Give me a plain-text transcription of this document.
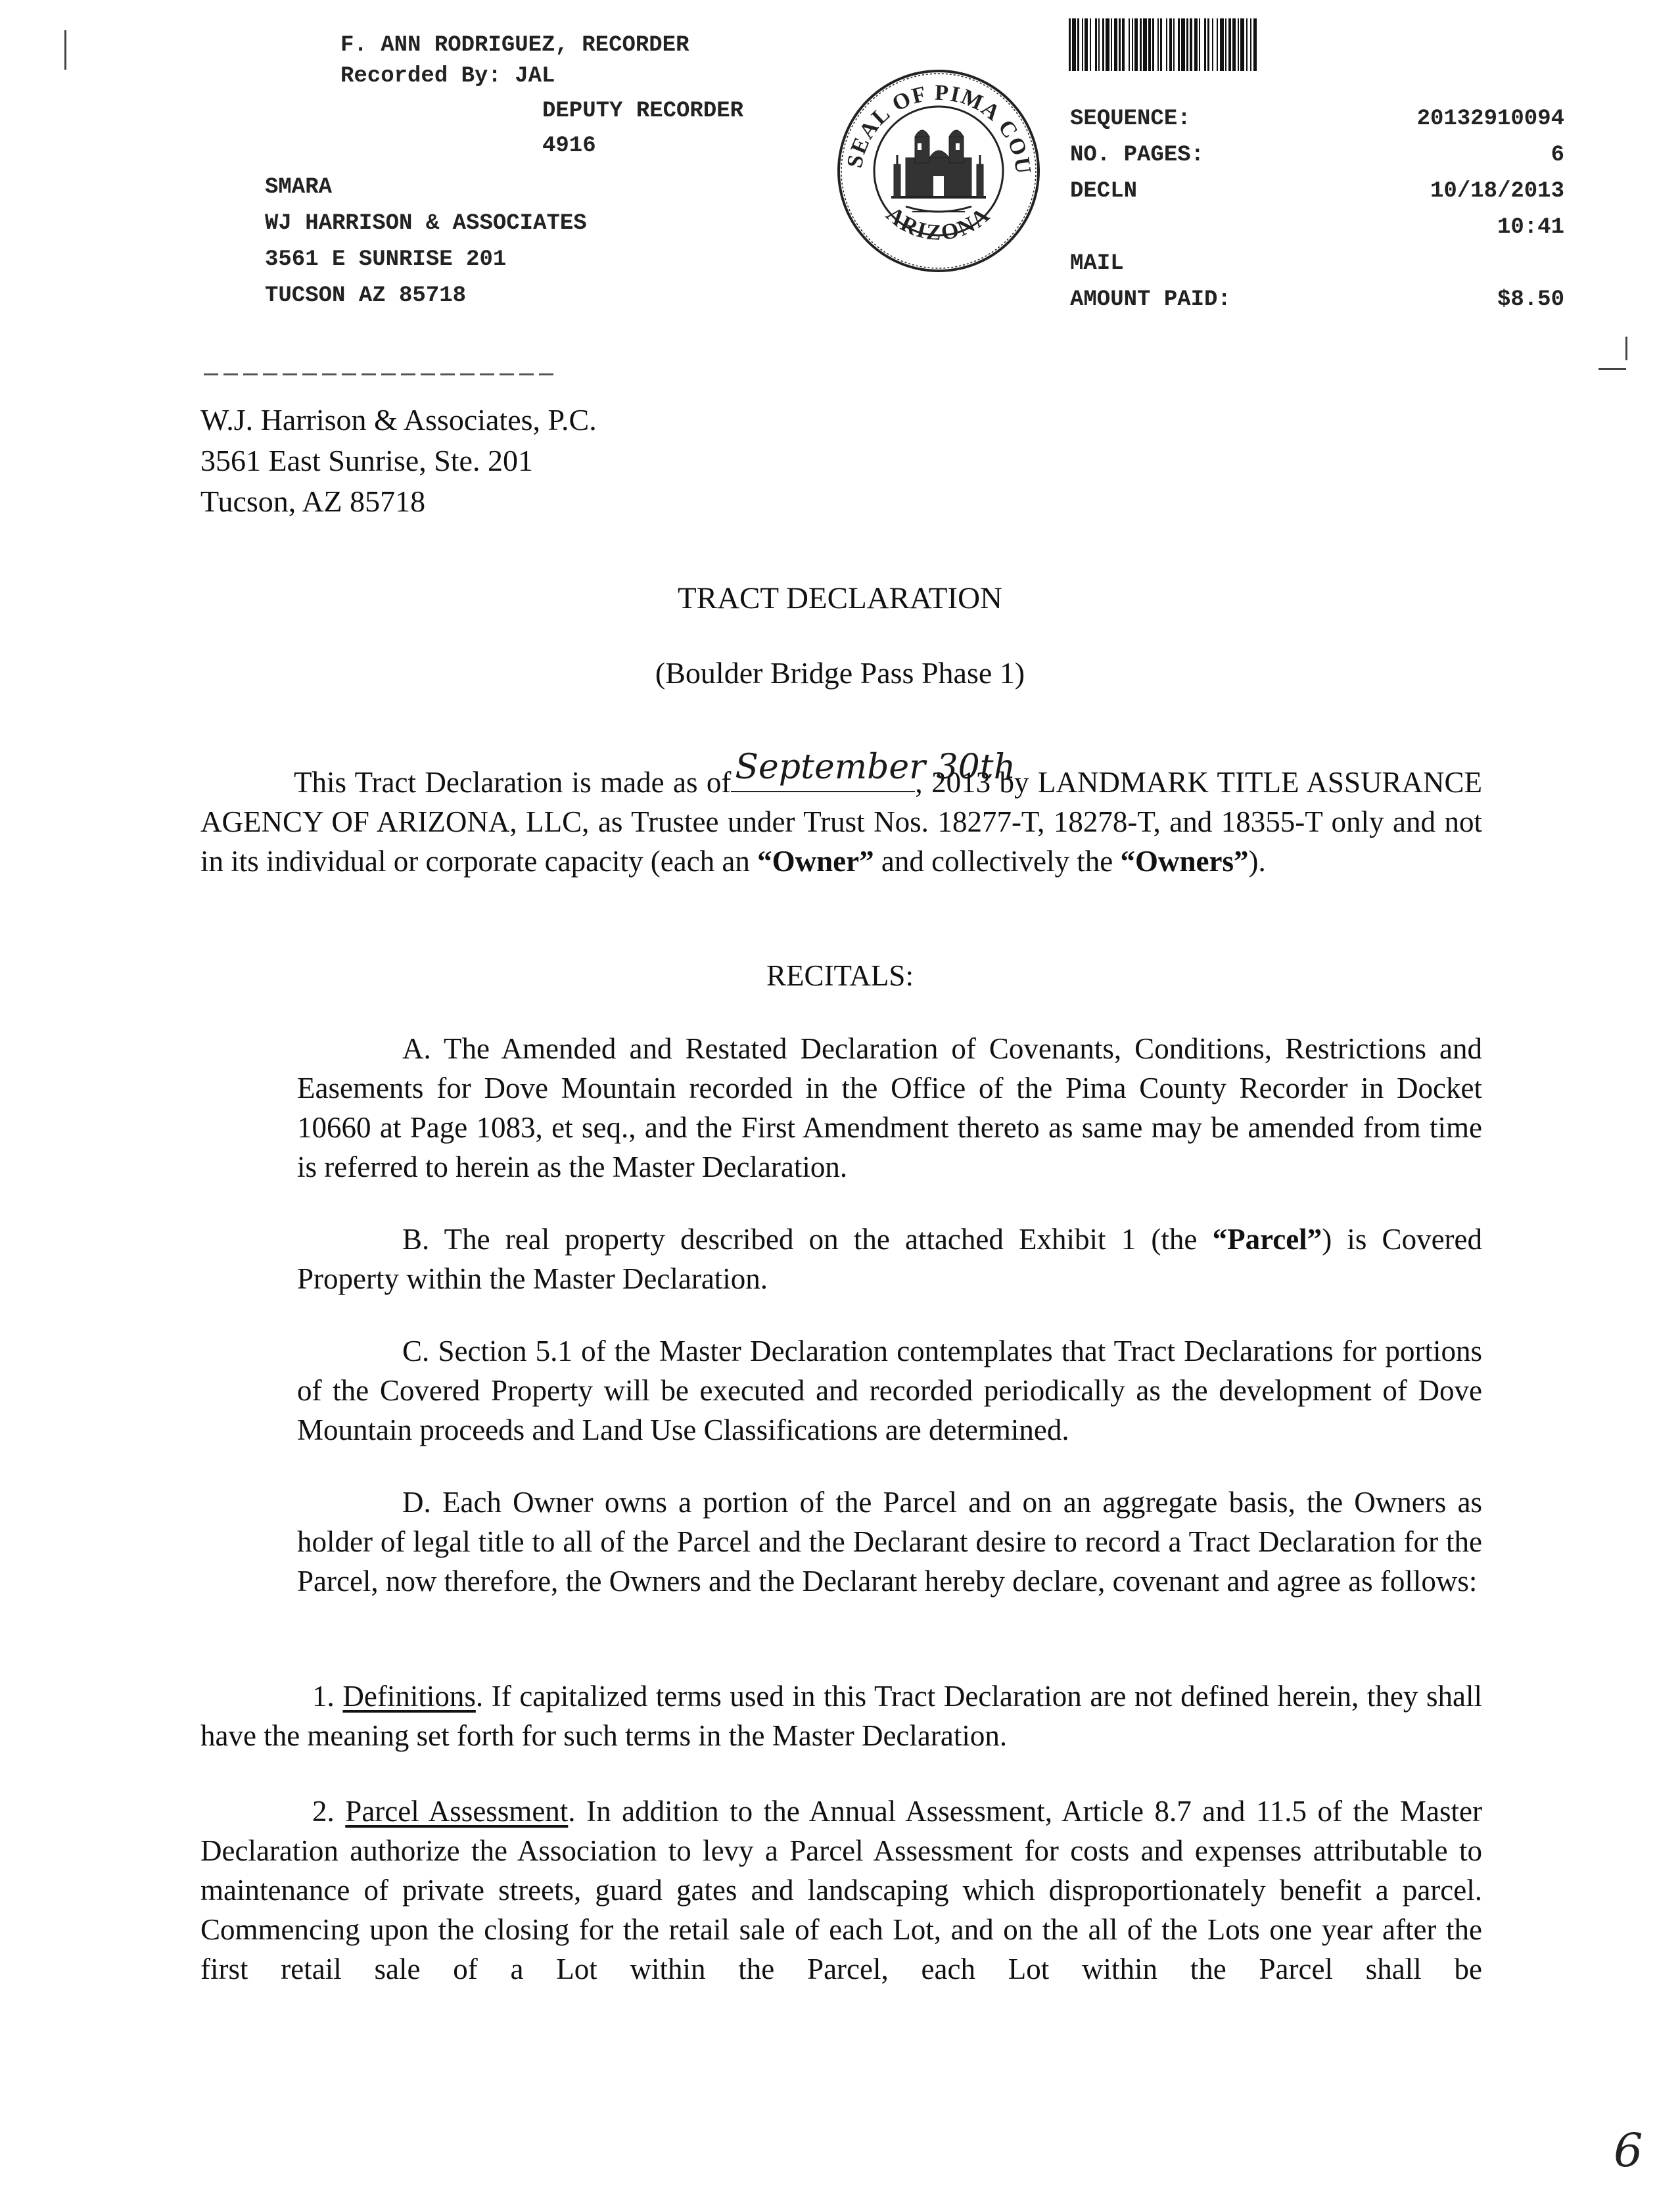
F. ANN RODRIGUEZ, RECORDER
Recorded By: JAL
DEPUTY RECORDER
4916
SMARA
WJ HARRISON & ASSOCIATES
3561 E SUNRISE 201
TUCSON AZ 85718
SEAL OF PIMA COU
ARIZONA
SEQUENCE:
NO. PAGES:
DECLN
MAIL
AMOUNT PAID:
20132910094
6
10/18/2013
10:41
$8.50
W.J. Harrison & Associates, P.C.
3561 East Sunrise, Ste. 201
Tucson, AZ 85718
TRACT DECLARATION
(Boulder Bridge Pass Phase 1)
This Tract Declaration is made as of September 30th
, 2013 by LANDMARK TITLE ASSURANCE AGENCY OF ARIZONA, LLC, as Trustee under Trust Nos. 18277-T, 18278-T, and 18355-T only and not in its individual or corporate capacity (each an “Owner” and collectively the “Owners”).
RECITALS:
A. The Amended and Restated Declaration of Covenants, Conditions, Restrictions and Easements for Dove Mountain recorded in the Office of the Pima County Recorder in Docket 10660 at Page 1083, et seq., and the First Amendment thereto as same may be amended from time is referred to herein as the Master Declaration.
B. The real property described on the attached Exhibit 1 (the “Parcel”) is Covered Property within the Master Declaration.
C. Section 5.1 of the Master Declaration contemplates that Tract Declarations for portions of the Covered Property will be executed and recorded periodically as the development of Dove Mountain proceeds and Land Use Classifications are determined.
D. Each Owner owns a portion of the Parcel and on an aggregate basis, the Owners as holder of legal title to all of the Parcel and the Declarant desire to record a Tract Declaration for the Parcel, now therefore, the Owners and the Declarant hereby declare, covenant and agree as follows:
1. Definitions. If capitalized terms used in this Tract Declaration are not defined herein, they shall have the meaning set forth for such terms in the Master Declaration.
2. Parcel Assessment. In addition to the Annual Assessment, Article 8.7 and 11.5 of the Master Declaration authorize the Association to levy a Parcel Assessment for costs and expenses attributable to maintenance of private streets, guard gates and landscaping which disproportionately benefit a parcel. Commencing upon the closing for the retail sale of each Lot, and on the all of the Lots one year after the first retail sale of a Lot within the Parcel, each Lot within the Parcel shall be
6
